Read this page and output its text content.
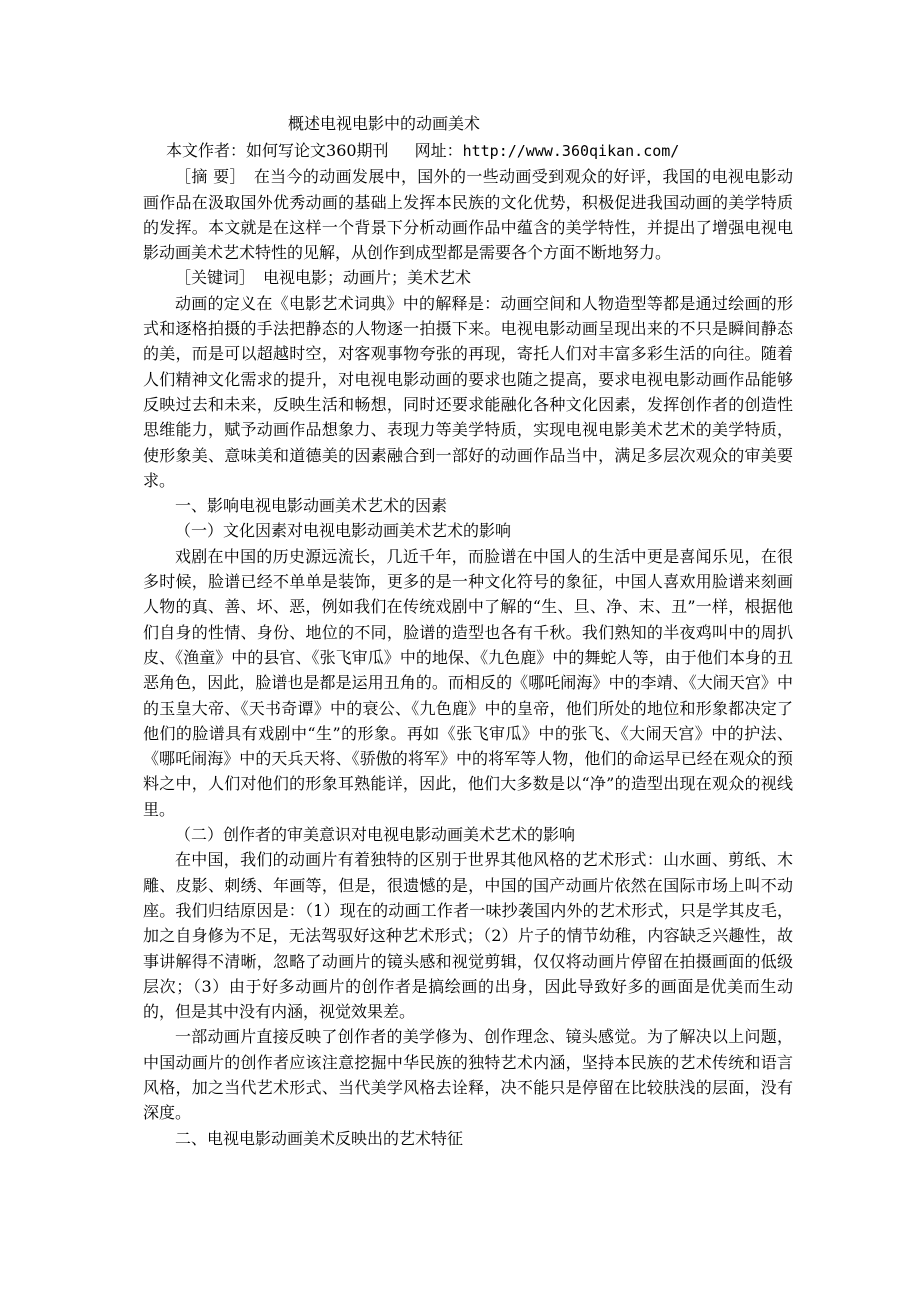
概述电视电影中的动画美术

本文作者：如何写论文360期刊 网址：http://www.360qikan.com/

［摘 要］ 在当今的动画发展中，国外的一些动画受到观众的好评，我国的电视电影动画作品在汲取国外优秀动画的基础上发挥本民族的文化优势，积极促进我国动画的美学特质的发挥。本文就是在这样一个背景下分析动画作品中蕴含的美学特性，并提出了增强电视电影动画美术艺术特性的见解，从创作到成型都是需要各个方面不断地努力。

［关键词］ 电视电影；动画片；美术艺术

动画的定义在《电影艺术词典》中的解释是：动画空间和人物造型等都是通过绘画的形式和逐格拍摄的手法把静态的人物逐一拍摄下来。电视电影动画呈现出来的不只是瞬间静态的美，而是可以超越时空，对客观事物夸张的再现，寄托人们对丰富多彩生活的向往。随着人们精神文化需求的提升，对电视电影动画的要求也随之提高，要求电视电影动画作品能够反映过去和未来，反映生活和畅想，同时还要求能融化各种文化因素，发挥创作者的创造性思维能力，赋予动画作品想象力、表现力等美学特质，实现电视电影美术艺术的美学特质，使形象美、意味美和道德美的因素融合到一部好的动画作品当中，满足多层次观众的审美要求。

一、影响电视电影动画美术艺术的因素

（一）文化因素对电视电影动画美术艺术的影响

戏剧在中国的历史源远流长，几近千年，而脸谱在中国人的生活中更是喜闻乐见，在很多时候，脸谱已经不单单是装饰，更多的是一种文化符号的象征，中国人喜欢用脸谱来刻画人物的真、善、坏、恶，例如我们在传统戏剧中了解的“生、旦、净、末、丑”一样，根据他们自身的性情、身份、地位的不同，脸谱的造型也各有千秋。我们熟知的半夜鸡叫中的周扒皮、《渔童》中的县官、《张飞审瓜》中的地保、《九色鹿》中的舞蛇人等，由于他们本身的丑恶角色，因此，脸谱也是都是运用丑角的。而相反的《哪吒闹海》中的李靖、《大闹天宫》中的玉皇大帝、《天书奇谭》中的衰公、《九色鹿》中的皇帝，他们所处的地位和形象都决定了他们的脸谱具有戏剧中“生”的形象。再如《张飞审瓜》中的张飞、《大闹天宫》中的护法、《哪吒闹海》中的天兵天将、《骄傲的将军》中的将军等人物，他们的命运早已经在观众的预料之中，人们对他们的形象耳熟能详，因此，他们大多数是以“净”的造型出现在观众的视线里。

（二）创作者的审美意识对电视电影动画美术艺术的影响

在中国，我们的动画片有着独特的区别于世界其他风格的艺术形式：山水画、剪纸、木雕、皮影、刺绣、年画等，但是，很遗憾的是，中国的国产动画片依然在国际市场上叫不动座。我们归结原因是：（1）现在的动画工作者一味抄袭国内外的艺术形式，只是学其皮毛，加之自身修为不足，无法驾驭好这种艺术形式；（2）片子的情节幼稚，内容缺乏兴趣性，故事讲解得不清晰，忽略了动画片的镜头感和视觉剪辑，仅仅将动画片停留在拍摄画面的低级层次；（3）由于好多动画片的创作者是搞绘画的出身，因此导致好多的画面是优美而生动的，但是其中没有内涵，视觉效果差。

一部动画片直接反映了创作者的美学修为、创作理念、镜头感觉。为了解决以上问题，中国动画片的创作者应该注意挖掘中华民族的独特艺术内涵，坚持本民族的艺术传统和语言风格，加之当代艺术形式、当代美学风格去诠释，决不能只是停留在比较肤浅的层面，没有深度。

二、电视电影动画美术反映出的艺术特征
